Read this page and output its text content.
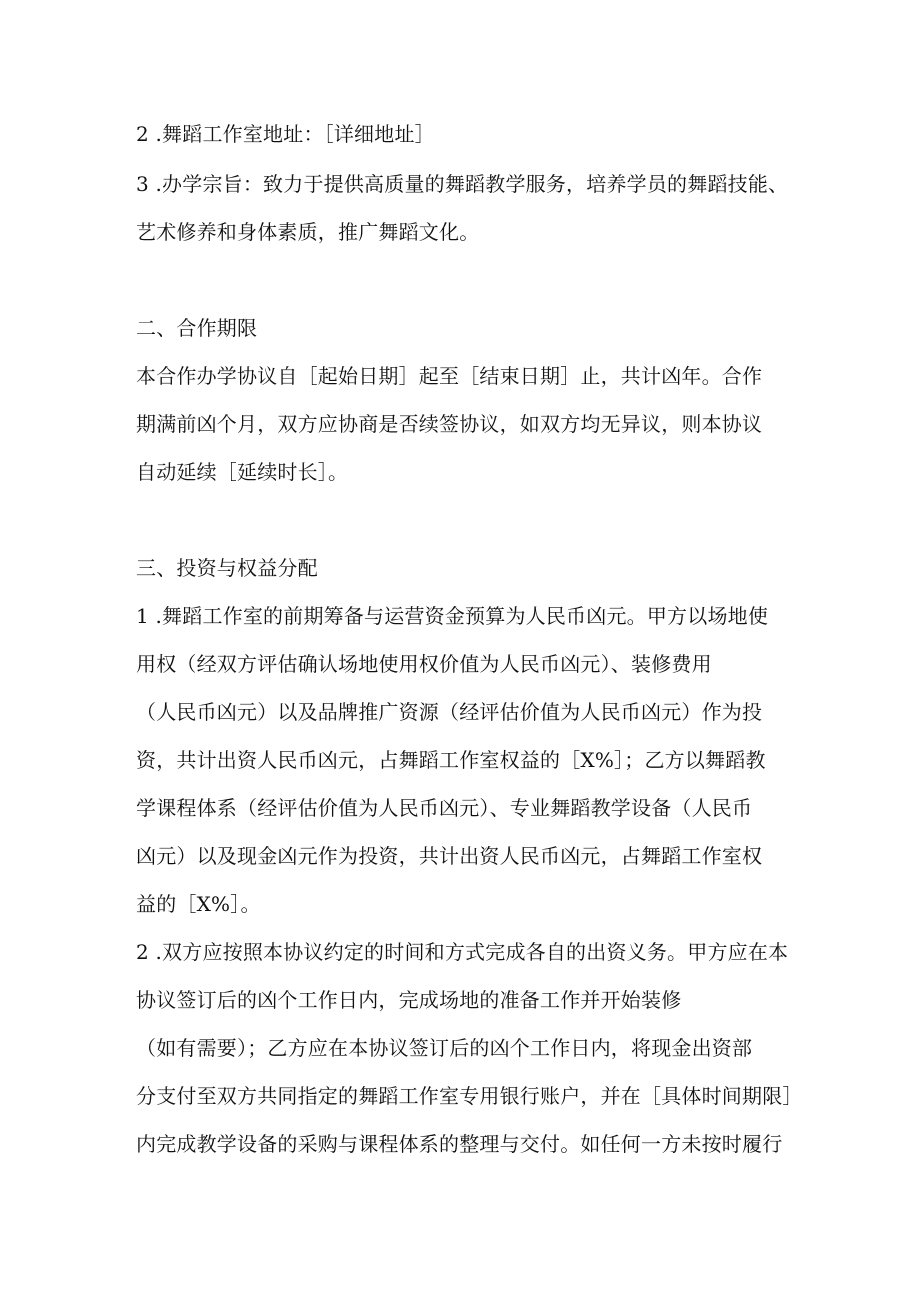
2 .舞蹈工作室地址：［详细地址］
3 .办学宗旨：致力于提供高质量的舞蹈教学服务，培养学员的舞蹈技能、
艺术修养和身体素质，推广舞蹈文化。
二、合作期限
本合作办学协议自［起始日期］起至［结束日期］止，共计凶年。合作
期满前凶个月，双方应协商是否续签协议，如双方均无异议，则本协议
自动延续［延续时长］。
三、投资与权益分配
1 .舞蹈工作室的前期筹备与运营资金预算为人民币凶元。甲方以场地使
用权（经双方评估确认场地使用权价值为人民币凶元）、装修费用
（人民币凶元）以及品牌推广资源（经评估价值为人民币凶元）作为投
资，共计出资人民币凶元，占舞蹈工作室权益的［X%］；乙方以舞蹈教
学课程体系（经评估价值为人民币凶元）、专业舞蹈教学设备（人民币
凶元）以及现金凶元作为投资，共计出资人民币凶元，占舞蹈工作室权
益的［X%］。
2 .双方应按照本协议约定的时间和方式完成各自的出资义务。甲方应在本
协议签订后的凶个工作日内，完成场地的准备工作并开始装修
（如有需要）；乙方应在本协议签订后的凶个工作日内，将现金出资部
分支付至双方共同指定的舞蹈工作室专用银行账户，并在［具体时间期限］
内完成教学设备的采购与课程体系的整理与交付。如任何一方未按时履行
